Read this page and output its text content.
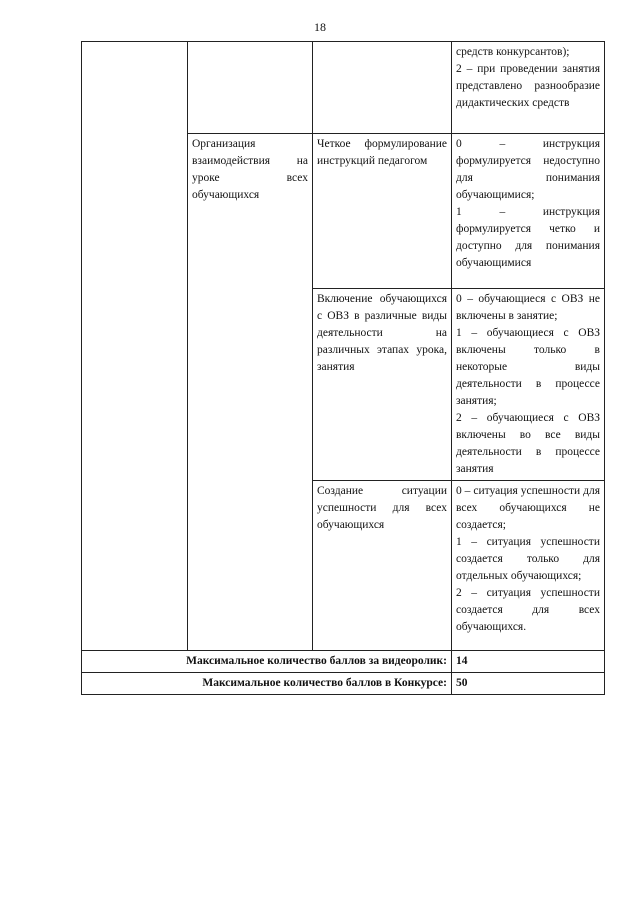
18

			средств конкурсантов);
2 – при проведении занятия представлено разнообразие дидактических средств

	Организация взаимодействия на уроке всех обучающихся	Четкое формулирование инструкций педагогом	0 – инструкция формулируется недоступно для понимания обучающимися;
1 – инструкция формулируется четко и доступно для понимания обучающимися

		Включение обучающихся с ОВЗ в различные виды деятельности на различных этапах урока, занятия	0 – обучающиеся с ОВЗ не включены в занятие;
1 – обучающиеся с ОВЗ включены только в некоторые виды деятельности в процессе занятия;
2 – обучающиеся с ОВЗ включены во все виды деятельности в процессе занятия

		Создание ситуации успешности для всех обучающихся	0 – ситуация успешности для всех обучающихся не создается;
1 – ситуация успешности создается только для отдельных обучающихся;
2 – ситуация успешности создается для всех обучающихся.

Максимальное количество баллов за видеоролик:			14
Максимальное количество баллов в Конкурсе:			50
